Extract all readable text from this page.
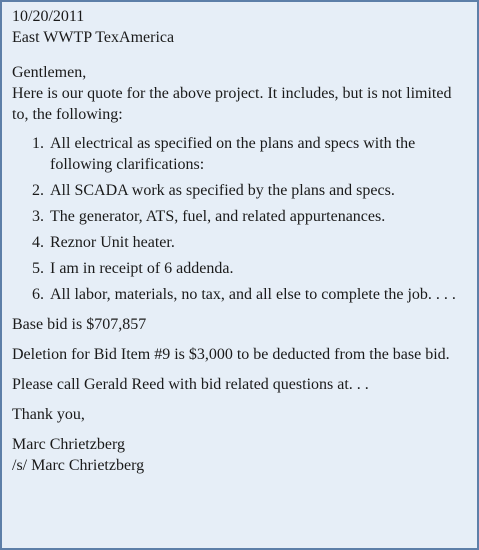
10/20/2011
East WWTP TexAmerica
Gentlemen,
Here is our quote for the above project. It includes, but is not limited to, the following:
1. All electrical as specified on the plans and specs with the following clarifications:
2. All SCADA work as specified by the plans and specs.
3. The generator, ATS, fuel, and related appurtenances.
4. Reznor Unit heater.
5. I am in receipt of 6 addenda.
6. All labor, materials, no tax, and all else to complete the job. . . .
Base bid is $707,857
Deletion for Bid Item #9 is $3,000 to be deducted from the base bid.
Please call Gerald Reed with bid related questions at. . .
Thank you,
Marc Chrietzberg
/s/ Marc Chrietzberg
